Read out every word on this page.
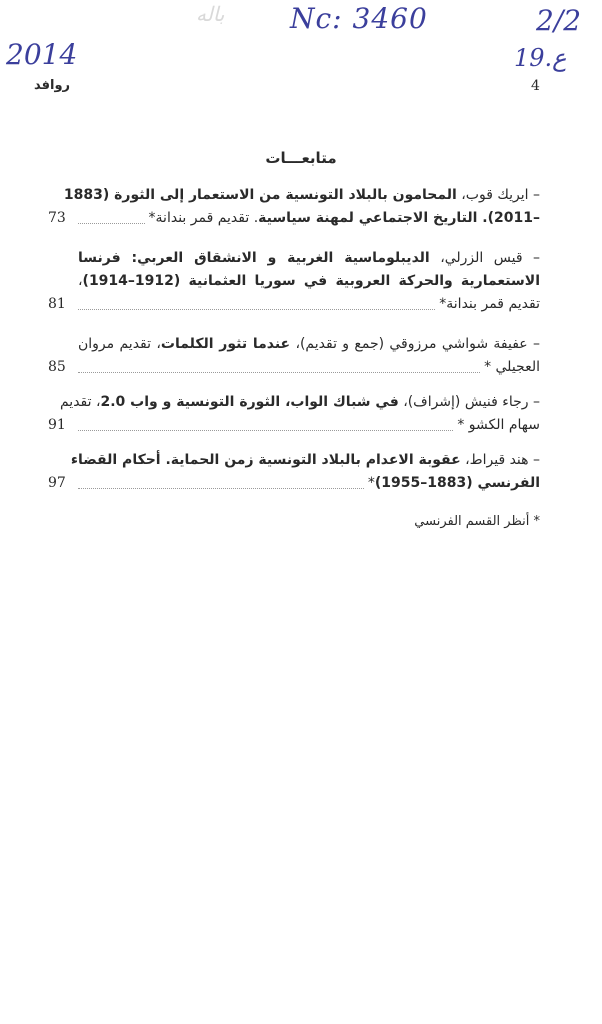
ﺑﺎﻟﻪ Nc: 3460	2/2
2014	19.ع
روافد	4
متابعـــات
– ايريك قوب، المحامون بالبلاد التونسية من الاستعمار إلى الثورة (1883
–2011). التاريخ الاجتماعي لمهنة سياسية. تقديم قمر بندانة*
73
– قيس الزرلي، الديبلوماسية الغربية و الانشقاق العربي: فرنسا
الاستعمارية والحركة العروبية في سوريا العثمانية (1912–1914)،
تقديم قمر بندانة*
81
– عفيفة شواشي مرزوقي (جمع و تقديم)، عندما تثور الكلمات، تقديم مروان
العجيلي *
85
– رجاء فنيش (إشراف)، في شباك الواب، الثورة التونسية و واب 2.0، تقديم
سهام الكشو *
91
– هند قيراط، عقوبة الاعدام بالبلاد التونسية زمن الحماية. أحكام القضاء
الفرنسي (1883–1955)*
97
* أنظر القسم الفرنسي
